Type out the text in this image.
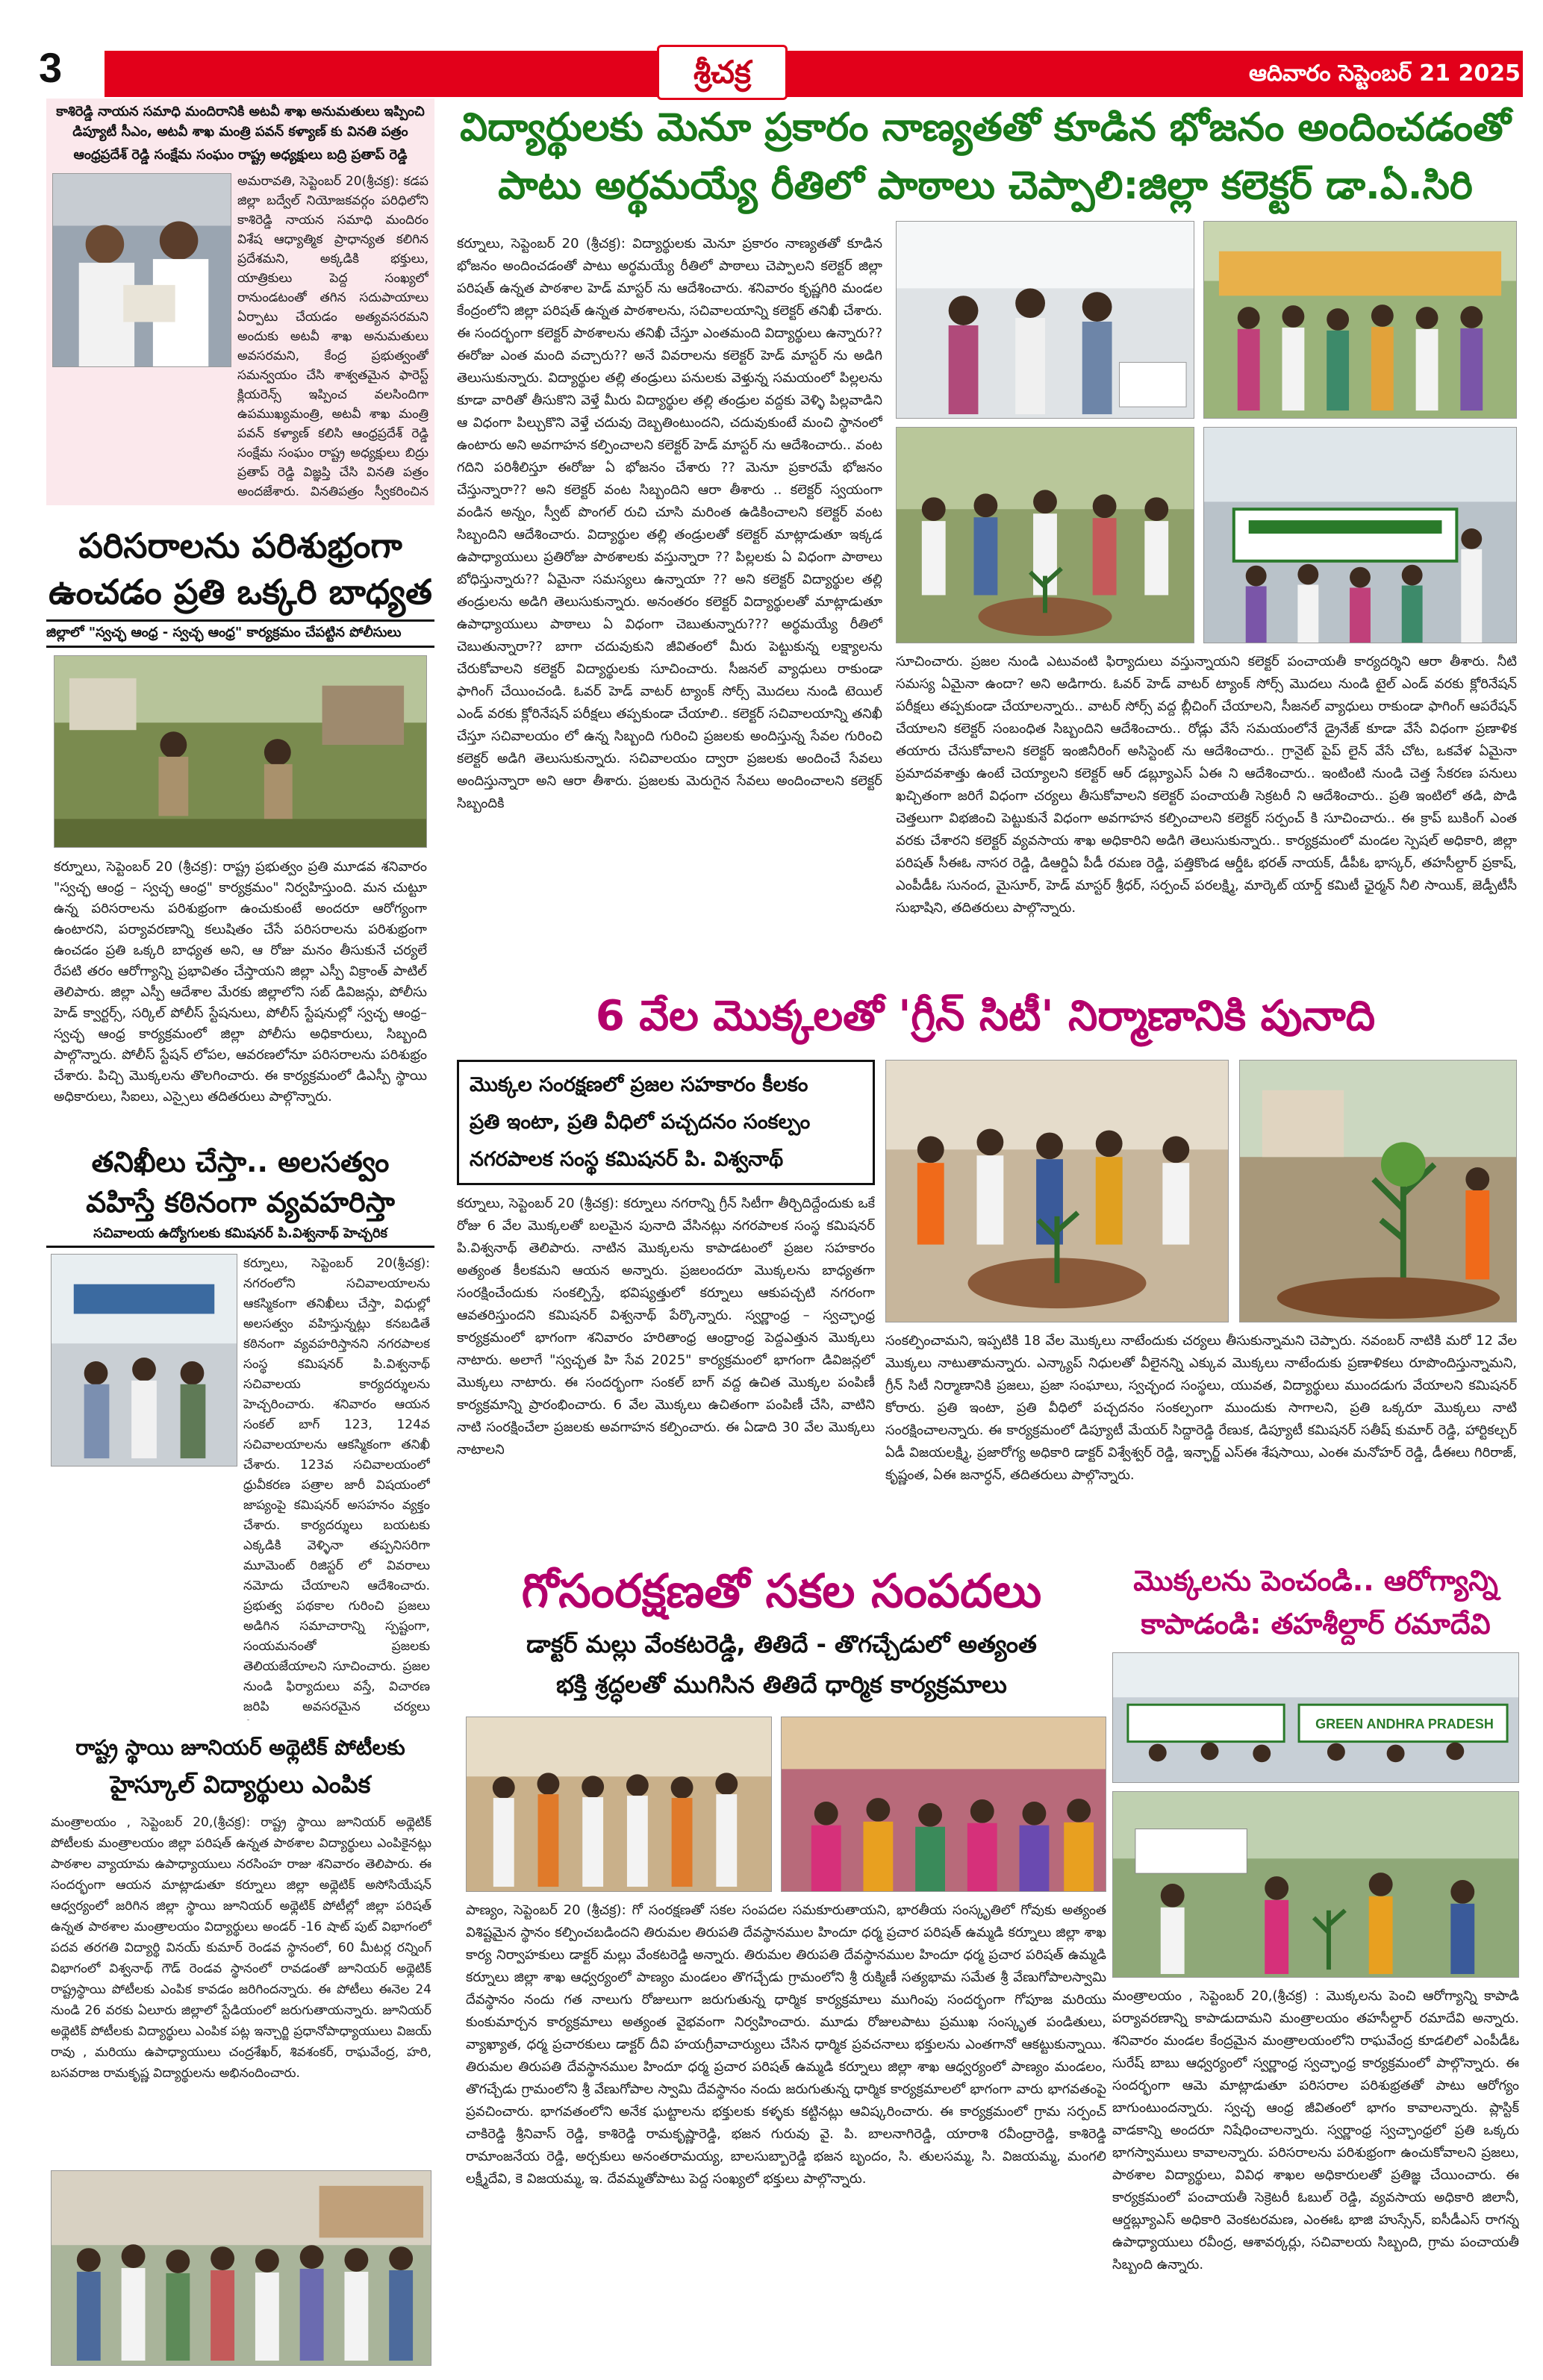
3	శ్రీచక్ర	ఆదివారం సెప్టెంబర్ 21 2025
కాశిరెడ్డి నాయన సమాధి మందిరానికి అటవీ శాఖ అనుమతులు ఇప్పించి డిప్యూటీ సీఎం, అటవీ శాఖ మంత్రి పవన్ కళ్యాణ్ కు వినతి పత్రం
ఆంధ్రప్రదేశ్ రెడ్డి సంక్షేమ సంఘం రాష్ట్ర అధ్యక్షులు బద్రి ప్రతాప్ రెడ్డి
అమరావతి, సెప్టెంబర్ 20(శ్రీచక్ర): కడప జిల్లా బద్వేల్ నియోజకవర్గం పరిధిలోని కాశిరెడ్డి నాయన సమాధి మందిరం విశేష ఆధ్యాత్మిక ప్రాధాన్యత కలిగిన ప్రదేశమని, అక్కడికి భక్తులు, యాత్రికులు పెద్ద సంఖ్యలో రానుండటంతో తగిన సదుపాయాలు ఏర్పాటు చేయడం అత్యవసరమని అందుకు అటవీ శాఖ అనుమతులు అవసరమని, కేంద్ర ప్రభుత్వంతో సమన్వయం చేసి శాశ్వతమైన ఫారెస్ట్ క్లియరెన్స్ ఇప్పించ వలసిందిగా ఉపముఖ్యమంత్రి, అటవీ శాఖ మంత్రి పవన్ కళ్యాణ్ కలిసి ఆంధ్రప్రదేశ్ రెడ్డి సంక్షేమ సంఘం రాష్ట్ర అధ్యక్షులు బిద్రు ప్రతాప్ రెడ్డి విజ్ఞప్తి చేసి వినతి పత్రం అందజేశారు. వినతిపత్రం స్వీకరించిన
పరిసరాలను పరిశుభ్రంగా
ఉంచడం ప్రతి ఒక్కరి బాధ్యత
జిల్లాలో "స్వచ్ఛ ఆంధ్ర - స్వచ్ఛ ఆంధ్ర" కార్యక్రమం చేపట్టిన పోలీసులు
కర్నూలు, సెప్టెంబర్ 20 (శ్రీచక్ర): రాష్ట్ర ప్రభుత్వం ప్రతి మూడవ శనివారం "స్వచ్ఛ ఆంధ్ర – స్వచ్ఛ ఆంధ్ర" కార్యక్రమం" నిర్వహిస్తుంది. మన చుట్టూ ఉన్న పరిసరాలను పరిశుభ్రంగా ఉంచుకుంటే అందరూ ఆరోగ్యంగా ఉంటారని, పర్యావరణాన్ని కలుషితం చేసే పరిసరాలను పరిశుభ్రంగా ఉంచడం ప్రతి ఒక్కరి బాధ్యత అని, ఆ రోజు మనం తీసుకునే చర్యలే రేపటి తరం ఆరోగ్యాన్ని ప్రభావితం చేస్తాయని జిల్లా ఎస్పీ విక్రాంత్ పాటిల్ తెలిపారు. జిల్లా ఎస్పీ ఆదేశాల మేరకు జిల్లాలోని సబ్ డివిజన్లు, పోలీసు హెడ్ క్వార్టర్స్, సర్కిల్ పోలీస్ స్టేషనులు, పోలీస్ స్టేషనుల్లో స్వచ్ఛ ఆంధ్ర– స్వచ్ఛ ఆంధ్ర కార్యక్రమంలో జిల్లా పోలీసు అధికారులు, సిబ్బంది పాల్గొన్నారు. పోలీస్ స్టేషన్ లోపల, ఆవరణలోనూ పరిసరాలను పరిశుభ్రం చేశారు. పిచ్చి మొక్కలను తొలగించారు. ఈ కార్యక్రమంలో డిఎస్పీ స్థాయి అధికారులు, సిఐలు, ఎస్సైలు తదితరులు పాల్గొన్నారు.
తనిఖీలు చేస్తా.. అలసత్వం
వహిస్తే కఠినంగా వ్యవహరిస్తా
సచివాలయ ఉద్యోగులకు కమిషనర్ పి.విశ్వనాథ్ హెచ్చరిక
కర్నూలు, సెప్టెంబర్ 20(శ్రీచక్ర): నగరంలోని సచివాలయాలను ఆకస్మికంగా తనిఖీలు చేస్తా, విధుల్లో అలసత్వం వహిస్తున్నట్లు కనబడితే కఠినంగా వ్యవహరిస్తానని నగరపాలక సంస్థ కమిషనర్ పి.విశ్వనాథ్ సచివాలయ కార్యదర్శులను హెచ్చరించారు. శనివారం ఆయన సంకల్ బాగ్ 123, 124వ సచివాలయాలను ఆకస్మికంగా తనిఖీ చేశారు. 123వ సచివాలయంలో ధ్రువీకరణ పత్రాల జారీ విషయంలో జాప్యంపై కమిషనర్ అసహనం వ్యక్తం చేశారు. కార్యదర్శులు బయటకు ఎక్కడికి వెళ్ళినా తప్పనిసరిగా మూమెంట్ రిజిస్టర్ లో వివరాలు నమోదు చేయాలని ఆదేశించారు. ప్రభుత్వ పథకాల గురించి ప్రజలు అడిగిన సమాచారాన్ని స్పష్టంగా, సంయమనంతో ప్రజలకు తెలియజేయాలని సూచించారు. ప్రజల నుండి ఫిర్యాదులు వస్తే, విచారణ జరిపి అవసరమైన చర్యలు
రాష్ట్ర స్థాయి జూనియర్ అథ్లెటిక్ పోటీలకు
హైస్కూల్ విద్యార్థులు ఎంపిక
మంత్రాలయం , సెప్టెంబర్ 20,(శ్రీచక్ర): రాష్ట్ర స్థాయి జూనియర్ అథ్లెటిక్ పోటీలకు మంత్రాలయం జిల్లా పరిషత్ ఉన్నత పాఠశాల విద్యార్థులు ఎంపికైనట్లు పాఠశాల వ్యాయామ ఉపాధ్యాయులు నరసింహ రాజు శనివారం తెలిపారు. ఈ సందర్భంగా ఆయన మాట్లాడుతూ కర్నూలు జిల్లా అథ్లెటిక్ అసోసియేషన్ ఆధ్వర్యంలో జరిగిన జిల్లా స్థాయి జూనియర్ అథ్లెటిక్ పోటీల్లో జిల్లా పరిషత్ ఉన్నత పాఠశాల మంత్రాలయం విద్యార్థులు అండర్ -16 షాట్ పుట్ విభాగంలో పదవ తరగతి విద్యార్థి వినయ్ కుమార్ రెండవ స్థానంలో, 60 మీటర్ల రన్నింగ్ విభాగంలో విశ్వనాథ్ గౌడ్ రెండవ స్థానంలో రావడంతో జూనియర్ అథ్లెటిక్ రాష్ట్రస్థాయి పోటీలకు ఎంపిక కావడం జరిగిందన్నారు. ఈ పోటీలు ఈనెల 24 నుండి 26 వరకు ఏలూరు జిల్లాలో స్టేడియంలో జరుగుతాయన్నారు. జూనియర్ అథ్లెటిక్ పోటీలకు విద్యార్థులు ఎంపిక పట్ల ఇన్చార్జి ప్రధానోపాధ్యాయులు విజయ్ రావు , మరియు ఉపాధ్యాయులు చంద్రశేఖర్, శివశంకర్, రాఘవేంద్ర, హరి, బసవరాజ రామకృష్ణ విద్యార్థులను అభినందించారు.
విద్యార్థులకు మెనూ ప్రకారం నాణ్యతతో కూడిన భోజనం అందించడంతో
పాటు అర్థమయ్యే రీతిలో పాఠాలు చెప్పాలి:జిల్లా కలెక్టర్ డా.ఏ.సిరి
కర్నూలు, సెప్టెంబర్ 20 (శ్రీచక్ర): విద్యార్థులకు మెనూ ప్రకారం నాణ్యతతో కూడిన భోజనం అందించడంతో పాటు అర్థమయ్యే రీతిలో పాఠాలు చెప్పాలని కలెక్టర్ జిల్లా పరిషత్ ఉన్నత పాఠశాల హెడ్ మాస్టర్ ను ఆదేశించారు. శనివారం కృష్ణగిరి మండల కేంద్రంలోని జిల్లా పరిషత్ ఉన్నత పాఠశాలను, సచివాలయాన్ని కలెక్టర్ తనిఖీ చేశారు. ఈ సందర్భంగా కలెక్టర్ పాఠశాలను తనిఖీ చేస్తూ ఎంతమంది విద్యార్థులు ఉన్నారు?? ఈరోజు ఎంత మంది వచ్చారు?? అనే వివరాలను కలెక్టర్ హెడ్ మాస్టర్ ను అడిగి తెలుసుకున్నారు. విద్యార్థుల తల్లి తండ్రులు పనులకు వెళ్తున్న సమయంలో పిల్లలను కూడా వారితో తీసుకొని వెళ్తే మీరు విద్యార్థుల తల్లి తండ్రుల వద్దకు వెళ్ళి పిల్లవాడిని ఆ విధంగా పిల్చుకొని వెళ్తే చదువు దెబ్బతింటుందని, చదువుకుంటే మంచి స్థానంలో ఉంటారు అని అవగాహన కల్పించాలని కలెక్టర్ హెడ్ మాస్టర్ ను ఆదేశించారు.. వంట గదిని పరిశీలిస్తూ ఈరోజు ఏ భోజనం చేశారు ?? మెనూ ప్రకారమే భోజనం చేస్తున్నారా?? అని కలెక్టర్ వంట సిబ్బందిని ఆరా తీశారు .. కలెక్టర్ స్వయంగా వండిన అన్నం, స్వీట్ పొంగల్ రుచి చూసి మరింత ఉడికించాలని కలెక్టర్ వంట సిబ్బందిని ఆదేశించారు. విద్యార్థుల తల్లి తండ్రులతో కలెక్టర్ మాట్లాడుతూ ఇక్కడ ఉపాధ్యాయులు ప్రతిరోజు పాఠశాలకు వస్తున్నారా ?? పిల్లలకు ఏ విధంగా పాఠాలు బోధిస్తున్నారు?? ఏమైనా సమస్యలు ఉన్నాయా ?? అని కలెక్టర్ విద్యార్థుల తల్లి తండ్రులను అడిగి తెలుసుకున్నారు. అనంతరం కలెక్టర్ విద్యార్థులతో మాట్లాడుతూ ఉపాధ్యాయులు పాఠాలు ఏ విధంగా చెబుతున్నారు??? అర్థమయ్యే రీతిలో చెబుతున్నారా?? బాగా చదువుకుని జీవితంలో మీరు పెట్టుకున్న లక్ష్యాలను చేరుకోవాలని కలెక్టర్ విద్యార్థులకు సూచించారు. సీజనల్ వ్యాధులు రాకుండా ఫాగింగ్ చేయించండి. ఓవర్ హెడ్ వాటర్ ట్యాంక్ సోర్స్ మొదలు నుండి టెయిల్ ఎండ్ వరకు క్లోరినేషన్ పరీక్షలు తప్పకుండా చేయాలి.. కలెక్టర్ సచివాలయాన్ని తనిఖీ చేస్తూ సచివాలయం లో ఉన్న సిబ్బంది గురించి ప్రజలకు అందిస్తున్న సేవల గురించి కలెక్టర్ అడిగి తెలుసుకున్నారు. సచివాలయం ద్వారా ప్రజలకు అందించే సేవలు అందిస్తున్నారా అని ఆరా తీశారు. ప్రజలకు మెరుగైన సేవలు అందించాలని కలెక్టర్ సిబ్బందికి
సూచించారు. ప్రజల నుండి ఎటువంటి ఫిర్యాదులు వస్తున్నాయని కలెక్టర్ పంచాయతీ కార్యదర్శిని ఆరా తీశారు. నీటి సమస్య ఏమైనా ఉందా? అని అడిగారు. ఓవర్ హెడ్ వాటర్ ట్యాంక్ సోర్స్ మొదలు నుండి టైల్ ఎండ్ వరకు క్లోరినేషన్ పరీక్షలు తప్పకుండా చేయాలన్నారు.. వాటర్ సోర్స్ వద్ద బ్లీచింగ్ చేయాలని, సీజనల్ వ్యాధులు రాకుండా ఫాగింగ్ ఆపరేషన్ చేయాలని కలెక్టర్ సంబంధిత సిబ్బందిని ఆదేశించారు.. రోడ్లు వేసే సమయంలోనే డ్రైనేజ్ కూడా వేసే విధంగా ప్రణాళిక తయారు చేసుకోవాలని కలెక్టర్ ఇంజినీరింగ్ అసిస్టెంట్ ను ఆదేశించారు.. గ్రానైట్ పైప్ లైన్ వేసే చోట, ఒకవేళ ఏమైనా ప్రమాదవశాత్తు ఉంటే చెయ్యాలని కలెక్టర్ ఆర్ డబ్ల్యూఎస్ ఏఈ ని ఆదేశించారు.. ఇంటింటి నుండి చెత్త సేకరణ పనులు ఖచ్చితంగా జరిగే విధంగా చర్యలు తీసుకోవాలని కలెక్టర్ పంచాయతీ సెక్రటరీ ని ఆదేశించారు.. ప్రతి ఇంటిలో తడి, పొడి చెత్తలుగా విభజించి పెట్టుకునే విధంగా అవగాహన కల్పించాలని కలెక్టర్ సర్పంచ్ కి సూచించారు.. ఈ క్రాప్ బుకింగ్ ఎంత వరకు చేశారని కలెక్టర్ వ్యవసాయ శాఖ అధికారిని అడిగి తెలుసుకున్నారు.. కార్యక్రమంలో మండల స్పెషల్ అధికారి, జిల్లా పరిషత్ సీఈఓ నాసర రెడ్డి, డిఆర్డిఏ పీడీ రమణ రెడ్డి, పత్తికొండ ఆర్డీఓ భరత్ నాయక్, డీపీఓ భాస్కర్, తహసీల్దార్ ప్రకాష్, ఎంపీడీఓ సునంద, మైసూర్, హెడ్ మాస్టర్ శ్రీధర్, సర్పంచ్ పరలక్ష్మి, మార్కెట్ యార్డ్ కమిటీ ఛైర్మన్ నీలి సాయిక్, జెడ్పీటీసీ సుభాషిని, తదితరులు పాల్గొన్నారు.
6 వేల మొక్కలతో 'గ్రీన్ సిటీ' నిర్మాణానికి పునాది
మొక్కల సంరక్షణలో ప్రజల సహకారం కీలకం
ప్రతి ఇంటా, ప్రతి వీధిలో పచ్చదనం సంకల్పం
నగరపాలక సంస్థ కమిషనర్ పి. విశ్వనాథ్
కర్నూలు, సెప్టెంబర్ 20 (శ్రీచక్ర): కర్నూలు నగరాన్ని గ్రీన్ సిటీగా తీర్చిదిద్దేందుకు ఒకే రోజు 6 వేల మొక్కలతో బలమైన పునాది వేసినట్లు నగరపాలక సంస్థ కమిషనర్ పి.విశ్వనాథ్ తెలిపారు. నాటిన మొక్కలను కాపాడటంలో ప్రజల సహకారం అత్యంత కీలకమని ఆయన అన్నారు. ప్రజలందరూ మొక్కలను బాధ్యతగా సంరక్షించేందుకు సంకల్పిస్తే, భవిష్యత్తులో కర్నూలు ఆకుపచ్చటి నగరంగా ఆవతరిస్తుందని కమిషనర్ విశ్వనాథ్ పేర్కొన్నారు. స్వర్ణాంధ్ర – స్వచ్ఛాంధ్ర కార్యక్రమంలో భాగంగా శనివారం హరితాంధ్ర ఆంధ్రాంధ్ర పెద్దఎత్తున మొక్కలు నాటారు. అలాగే "స్వచ్ఛత హి సేవ 2025" కార్యక్రమంలో భాగంగా డివిజన్లలో మొక్కలు నాటారు. ఈ సందర్భంగా సంకల్ బాగ్ వద్ద ఉచిత మొక్కల పంపిణీ కార్యక్రమాన్ని ప్రారంభించారు. 6 వేల మొక్కలు ఉచితంగా పంపిణీ చేసి, వాటిని నాటి సంరక్షించేలా ప్రజలకు అవగాహన కల్పించారు. ఈ ఏడాది 30 వేల మొక్కలు నాటాలని
సంకల్పించామని, ఇప్పటికి 18 వేల మొక్కలు నాటేందుకు చర్యలు తీసుకున్నామని చెప్పారు. నవంబర్ నాటికి మరో 12 వేల మొక్కలు నాటుతామన్నారు. ఎన్క్యాప్ నిధులతో వీలైనన్ని ఎక్కువ మొక్కలు నాటేందుకు ప్రణాళికలు రూపొందిస్తున్నామని, గ్రీన్ సిటీ నిర్మాణానికి ప్రజలు, ప్రజా సంఘాలు, స్వచ్ఛంద సంస్థలు, యువత, విద్యార్థులు ముందడుగు వేయాలని కమిషనర్ కోరారు. ప్రతి ఇంటా, ప్రతి వీధిలో పచ్చదనం సంకల్పంగా ముందుకు సాగాలని, ప్రతి ఒక్కరూ మొక్కలు నాటి సంరక్షించాలన్నారు. ఈ కార్యక్రమంలో డిప్యూటీ మేయర్ సిద్దారెడ్డి రేణుక, డిప్యూటీ కమిషనర్ సతీష్ కుమార్ రెడ్డి, హార్టికల్చర్ ఏడీ విజయలక్ష్మి, ప్రజారోగ్య అధికారి డాక్టర్ విశ్వేశ్వర్ రెడ్డి, ఇన్ఛార్జ్ ఎస్ఈ శేషసాయి, ఎంఈ మనోహర్ రెడ్డి, డీఈలు గిరిరాజ్, కృష్ణంత, ఏఈ జనార్ధన్, తదితరులు పాల్గొన్నారు.
గోసంరక్షణతో సకల సంపదలు
డాక్టర్ మల్లు వేంకటరెడ్డి, తితిదే - తొగచ్చేడులో అత్యంత
భక్తి శ్రద్ధలతో ముగిసిన తితిదే ధార్మిక కార్యక్రమాలు
పాణ్యం, సెప్టెంబర్ 20 (శ్రీచక్ర): గో సంరక్షణతో సకల సంపదల సమకూరుతాయని, భారతీయ సంస్కృతిలో గోవుకు అత్యంత విశిష్టమైన స్థానం కల్పించబడిందని తిరుమల తిరుపతి దేవస్థానముల హిందూ ధర్మ ప్రచార పరిషత్ ఉమ్మడి కర్నూలు జిల్లా శాఖ కార్య నిర్వాహకులు డాక్టర్ మల్లు వేంకటరెడ్డి అన్నారు. తిరుమల తిరుపతి దేవస్థానముల హిందూ ధర్మ ప్రచార పరిషత్ ఉమ్మడి కర్నూలు జిల్లా శాఖ ఆధ్వర్యంలో పాణ్యం మండలం తొగచ్చేడు గ్రామంలోని శ్రీ రుక్మిణీ సత్యభామ సమేత శ్రీ వేణుగోపాలస్వామి దేవస్థానం నందు గత నాలుగు రోజులుగా జరుగుతున్న ధార్మిక కార్యక్రమాలు ముగింపు సందర్భంగా గోపూజ మరియు కుంకుమార్చన కార్యక్రమాలు అత్యంత వైభవంగా నిర్వహించారు. మూడు రోజులపాటు ప్రముఖ సంస్కృత పండితులు, వ్యాఖ్యాత, ధర్మ ప్రచారకులు డాక్టర్ దీవి హయగ్రీవాచార్యులు చేసిన ధార్మిక ప్రవచనాలు భక్తులను ఎంతగానో ఆకట్టుకున్నాయి. తిరుమల తిరుపతి దేవస్థానముల హిందూ ధర్మ ప్రచార పరిషత్ ఉమ్మడి కర్నూలు జిల్లా శాఖ ఆధ్వర్యంలో పాణ్యం మండలం, తొగచ్చేడు గ్రామంలోని శ్రీ వేణుగోపాల స్వామి దేవస్థానం నందు జరుగుతున్న ధార్మిక కార్యక్రమాలలో భాగంగా వారు భాగవతంపై ప్రవచించారు. భాగవతంలోని అనేక ఘట్టాలను భక్తులకు కళ్ళకు కట్టినట్లు ఆవిష్కరించారు. ఈ కార్యక్రమంలో గ్రామ సర్పంచ్ చాకిరెడ్డి శ్రీనివాస్ రెడ్డి, కాశిరెడ్డి రామకృష్ణారెడ్డి, భజన గురువు వై. పి. బాలనాగిరెడ్డి, యారాశి రవీంద్రారెడ్డి, కాశిరెడ్డి రామాంజనేయ రెడ్డి, అర్చకులు అనంతరామయ్య, బాలసుబ్బారెడ్డి భజన బృందం, సి. తులసమ్మ, సి. విజయమ్మ, మంగలి లక్ష్మీదేవి, కె విజయమ్మ, ఇ. దేవమ్మతోపాటు పెద్ద సంఖ్యలో భక్తులు పాల్గొన్నారు.
మొక్కలను పెంచండి.. ఆరోగ్యాన్ని
కాపాడండి: తహశీల్దార్ రమాదేవి
GREEN ANDHRA PRADESH
మంత్రాలయం , సెప్టెంబర్ 20,(శ్రీచక్ర) : మొక్కలను పెంచి ఆరోగ్యాన్ని కాపాడి పర్యావరణాన్ని కాపాడుదామని మంత్రాలయం తహసీల్దార్ రమాదేవి అన్నారు. శనివారం మండల కేంద్రమైన మంత్రాలయంలోని రాఘవేంద్ర కూడలిలో ఎంపీడీఓ సురేష్ బాబు ఆధ్వర్యంలో స్వర్ణాంధ్ర స్వచ్ఛాంధ్ర కార్యక్రమంలో పాల్గొన్నారు. ఈ సందర్భంగా ఆమె మాట్లాడుతూ పరిసరాల పరిశుభ్రతతో పాటు ఆరోగ్యం బాగుంటుందన్నారు. స్వచ్ఛ ఆంధ్ర జీవితంలో భాగం కావాలన్నారు. ప్లాస్టిక్ వాడకాన్ని అందరూ నిషేధించాలన్నారు. స్వర్ణాంధ్ర స్వచ్ఛాంధ్రలో ప్రతి ఒక్కరు భాగస్వాములు కావాలన్నారు. పరిసరాలను పరిశుభ్రంగా ఉంచుకోవాలని ప్రజలు, పాఠశాల విద్యార్థులు, వివిధ శాఖల అధికారులతో ప్రతిజ్ఞ చేయించారు. ఈ కార్యక్రమంలో పంచాయతీ సెక్రెటరీ ఓబుల్ రెడ్డి, వ్యవసాయ అధికారి జిలానీ, ఆర్డబ్ల్యూఎస్ అధికారి వెంకటరమణ, ఎంఈఓ భాజి హుస్సేన్, ఐసీడీఎస్ రాగన్న ఉపాధ్యాయులు రవీంద్ర, ఆశావర్కర్లు, సచివాలయ సిబ్బంది, గ్రామ పంచాయతీ సిబ్బంది ఉన్నారు.
